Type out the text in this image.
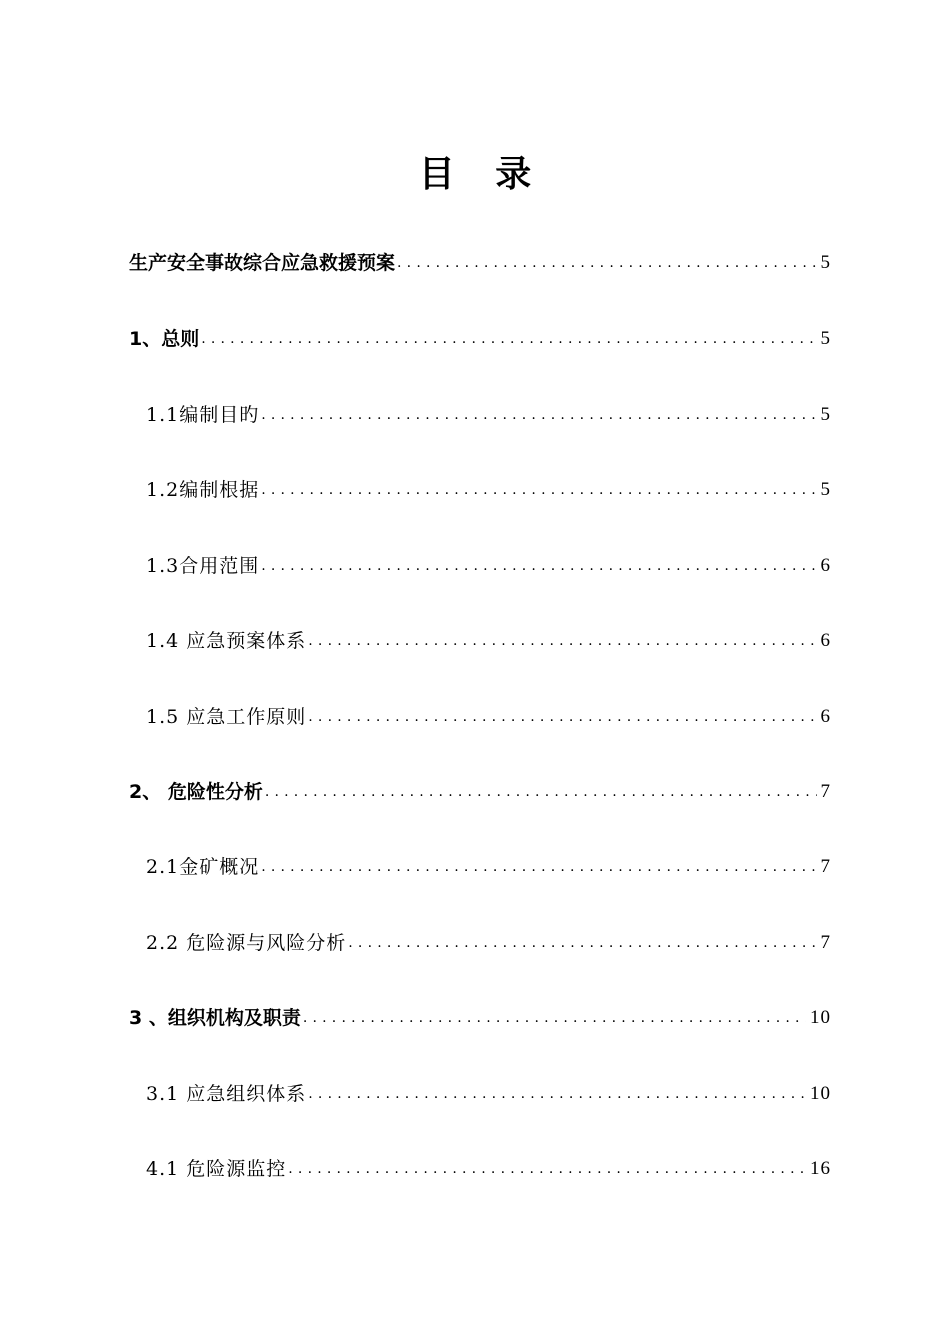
目 录
生产安全事故综合应急救援预案 .....	5
1、总则 .....	5
1.1编制目旳 .....	5
1.2编制根据 .....	5
1.3合用范围 .....	6
1.4 应急预案体系 .....	6
1.5 应急工作原则 .....	6
2、 危险性分析 .....	7
2.1金矿概况 .....	7
2.2 危险源与风险分析 .....	7
3 、组织机构及职责 .....	10
3.1 应急组织体系 .....	10
4.1 危险源监控 .....	16
